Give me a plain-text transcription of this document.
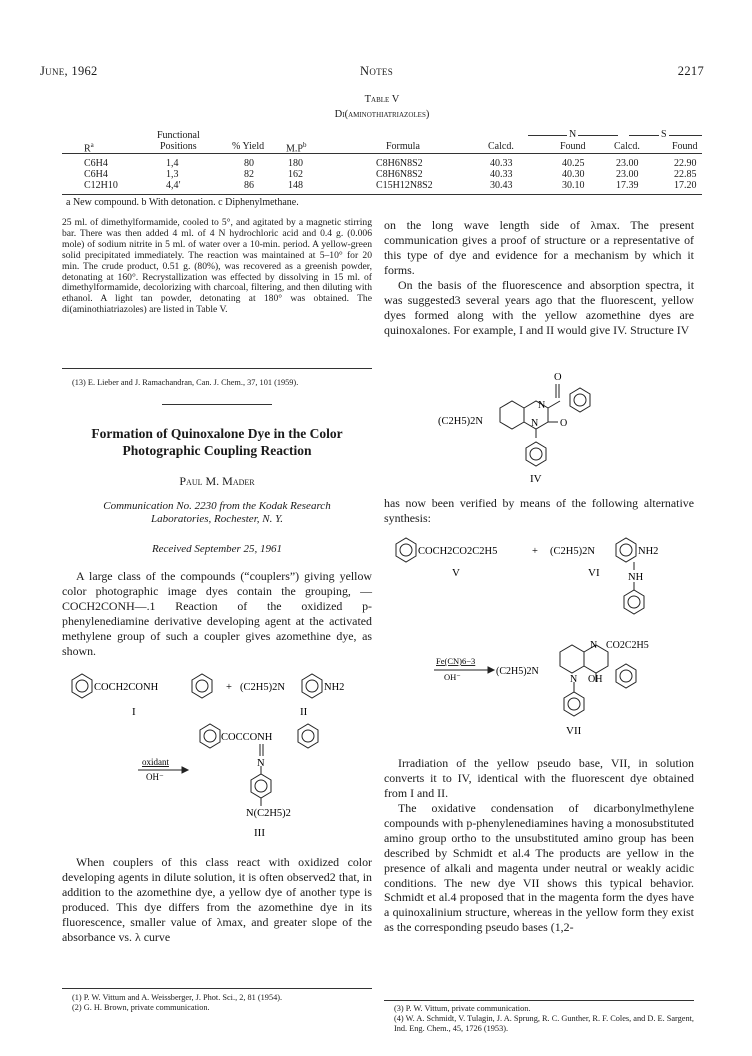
June, 1962	Notes	2217
Table V
Di(aminothiatriazoles)
N	S
Functional
$R^a$	Positions	% Yield $M.P^b$	Formula	Calcd.	Found	Calcd.	Found
C6H4	1,4	80	180	C8H6N8S2	40.33	40.25	23.00	22.90
C6H4	1,3	82	162	C8H6N8S2	40.33	40.30	23.00	22.85
C12H10	4,4′	86	148	C15H12N8S2	30.43	30.10	17.39	17.20
a New compound. b With detonation. c Diphenylmethane.
25 ml. of dimethylformamide, cooled to 5°, and agitated by a magnetic stirring bar. There was then added 4 ml. of 4 N hydrochloric acid and 0.4 g. (0.006 mole) of sodium nitrite in 5 ml. of water over a 10-min. period. A yellow-green solid precipitated immediately. The reaction was maintained at 5–10° for 20 min. The crude product, 0.51 g. (80%), was recovered as a greenish powder, detonating at 160°. Recrystallization was effected by dissolving in 15 ml. of dimethylformamide, decolorizing with charcoal, filtering, and then diluting with ethanol. A light tan powder, detonating at 180° was obtained. The di(aminothiatriazoles) are listed in Table V.
(13) E. Lieber and J. Ramachandran, Can. J. Chem., 37, 101 (1959).
Formation of Quinoxalone Dye in the Color Photographic Coupling Reaction
Paul M. Mader
Communication No. 2230 from the Kodak Research Laboratories, Rochester, N. Y.
Received September 25, 1961
A large class of the compounds (“couplers”) giving yellow color photographic image dyes contain the grouping, —COCH2CONH—.1 Reaction of the oxidized p-phenylenediamine derivative developing agent at the activated methylene group of such a coupler gives azomethine dye, as shown.
COCH2CONH	+ (C2H5)2N	NH2
I	II
COCCONH
N
oxidant
OH⁻
N(C2H5)2
III
When couplers of this class react with oxidized color developing agents in dilute solution, it is often observed2 that, in addition to the azomethine dye, a yellow dye of another type is produced. This dye differs from the azomethine dye in its fluorescence, smaller value of λmax, and greater slope of the absorbance vs. λ curve
(1) P. W. Vittum and A. Weissberger, J. Phot. Sci., 2, 81 (1954).
(2) G. H. Brown, private communication.
on the long wave length side of λmax. The present communication gives a proof of structure or a representative of this type of dye and evidence for a mechanism by which it forms.
On the basis of the fluorescence and absorption spectra, it was suggested3 several years ago that the fluorescent, yellow dyes formed along with the yellow azomethine dyes are quinoxalones. For example, I and II would give IV. Structure IV
O
N
N O
(C2H5)2N
IV
has now been verified by means of the following alternative synthesis:
COCH2CO2C2H5	+ (C2H5)2N	NH2
NH
V	VI
Fe(CN)6−3
OH⁻	(C2H5)2N
N CO2C2H5
N OH
VII
Irradiation of the yellow pseudo base, VII, in solution converts it to IV, identical with the fluorescent dye obtained from I and II.
The oxidative condensation of dicarbonylmethylene compounds with p-phenylenediamines having a monosubstituted amino group ortho to the unsubstituted amino group has been described by Schmidt et al.4 The products are yellow in the presence of alkali and magenta under neutral or weakly acidic conditions. The new dye VII shows this typical behavior. Schmidt et al.4 proposed that in the magenta form the dyes have a quinoxalinium structure, whereas in the yellow form they exist as the corresponding pseudo bases (1,2-
(3) P. W. Vittum, private communication.
(4) W. A. Schmidt, V. Tulagin, J. A. Sprung, R. C. Gunther, R. F. Coles, and D. E. Sargent, Ind. Eng. Chem., 45, 1726 (1953).
